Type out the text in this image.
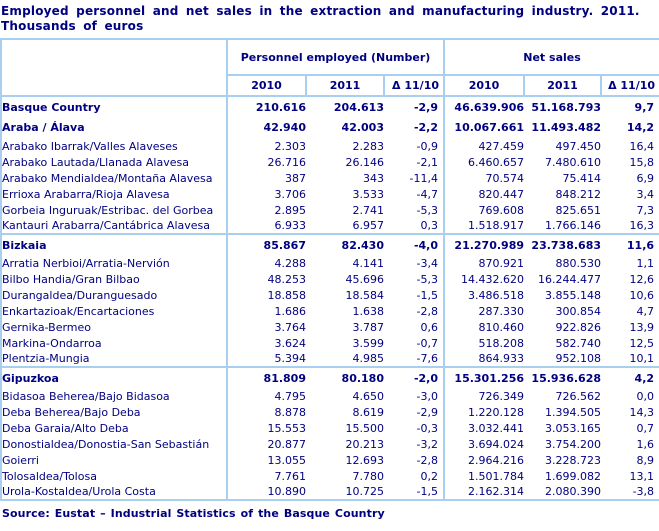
Employed personnel and net sales in the extraction and manufacturing industry. 2011.
Thousands of euros
	Personnel employed (Number)			Net sales		
	2010	2011	Δ 11/10	2010	2011	Δ 11/10
Basque Country	210.616	204.613	-2,9	46.639.906	51.168.793	9,7
Araba / Álava	42.940	42.003	-2,2	10.067.661	11.493.482	14,2
Arabako Ibarrak/Valles Alaveses	2.303	2.283	-0,9	427.459	497.450	16,4
Arabako Lautada/Llanada Alavesa	26.716	26.146	-2,1	6.460.657	7.480.610	15,8
Arabako Mendialdea/Montaña Alavesa	387	343	-11,4	70.574	75.414	6,9
Errioxa Arabarra/Rioja Alavesa	3.706	3.533	-4,7	820.447	848.212	3,4
Gorbeia Inguruak/Estribac. del Gorbea	2.895	2.741	-5,3	769.608	825.651	7,3
Kantauri Arabarra/Cantábrica Alavesa	6.933	6.957	0,3	1.518.917	1.766.146	16,3
Bizkaia	85.867	82.430	-4,0	21.270.989	23.738.683	11,6
Arratia Nerbioi/Arratia-Nervión	4.288	4.141	-3,4	870.921	880.530	1,1
Bilbo Handia/Gran Bilbao	48.253	45.696	-5,3	14.432.620	16.244.477	12,6
Durangaldea/Duranguesado	18.858	18.584	-1,5	3.486.518	3.855.148	10,6
Enkartazioak/Encartaciones	1.686	1.638	-2,8	287.330	300.854	4,7
Gernika-Bermeo	3.764	3.787	0,6	810.460	922.826	13,9
Markina-Ondarroa	3.624	3.599	-0,7	518.208	582.740	12,5
Plentzia-Mungia	5.394	4.985	-7,6	864.933	952.108	10,1
Gipuzkoa	81.809	80.180	-2,0	15.301.256	15.936.628	4,2
Bidasoa Beherea/Bajo Bidasoa	4.795	4.650	-3,0	726.349	726.562	0,0
Deba Beherea/Bajo Deba	8.878	8.619	-2,9	1.220.128	1.394.505	14,3
Deba Garaia/Alto Deba	15.553	15.500	-0,3	3.032.441	3.053.165	0,7
Donostialdea/Donostia-San Sebastián	20.877	20.213	-3,2	3.694.024	3.754.200	1,6
Goierri	13.055	12.693	-2,8	2.964.216	3.228.723	8,9
Tolosaldea/Tolosa	7.761	7.780	0,2	1.501.784	1.699.082	13,1
Urola-Kostaldea/Urola Costa	10.890	10.725	-1,5	2.162.314	2.080.390	-3,8
Source: Eustat – Industrial Statistics of the Basque Country
